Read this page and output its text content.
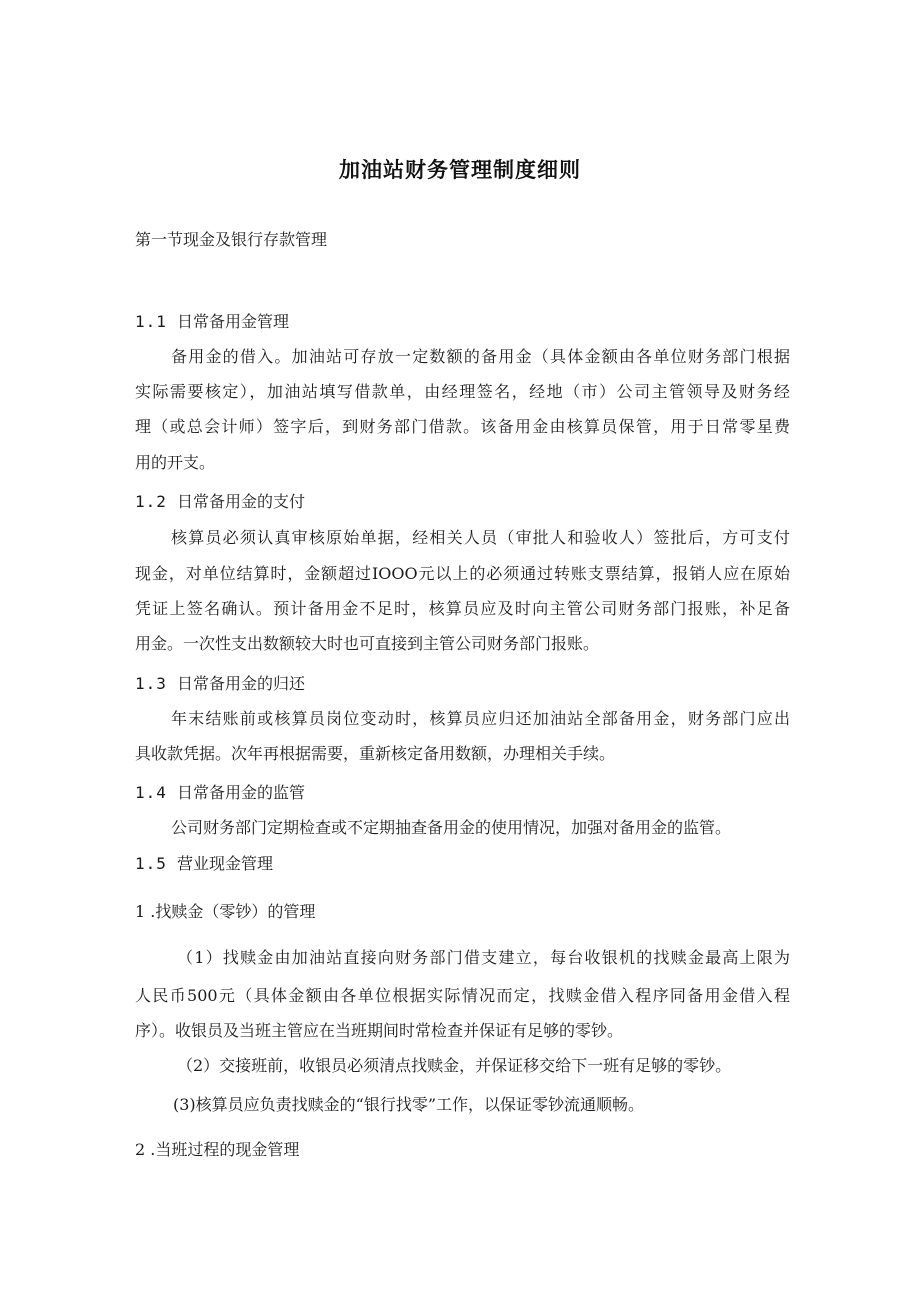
加油站财务管理制度细则

第一节现金及银行存款管理

1.1 日常备用金管理

备用金的借入。加油站可存放一定数额的备用金（具体金额由各单位财务部门根据

实际需要核定），加油站填写借款单，由经理签名，经地（市）公司主管领导及财务经

理（或总会计师）签字后，到财务部门借款。该备用金由核算员保管，用于日常零星费

用的开支。

1.2 日常备用金的支付

核算员必须认真审核原始单据，经相关人员（审批人和验收人）签批后，方可支付

现金，对单位结算时，金额超过IOOO元以上的必须通过转账支票结算，报销人应在原始

凭证上签名确认。预计备用金不足时，核算员应及时向主管公司财务部门报账，补足备

用金。一次性支出数额较大时也可直接到主管公司财务部门报账。

1.3 日常备用金的归还

年末结账前或核算员岗位变动时，核算员应归还加油站全部备用金，财务部门应出

具收款凭据。次年再根据需要，重新核定备用数额，办理相关手续。

1.4 日常备用金的监管

公司财务部门定期检查或不定期抽查备用金的使用情况，加强对备用金的监管。

1.5 营业现金管理

1 .找赎金（零钞）的管理

（1）找赎金由加油站直接向财务部门借支建立，每台收银机的找赎金最高上限为

人民币500元（具体金额由各单位根据实际情况而定，找赎金借入程序同备用金借入程

序）。收银员及当班主管应在当班期间时常检查并保证有足够的零钞。

（2）交接班前，收银员必须清点找赎金，并保证移交给下一班有足够的零钞。

(3)核算员应负责找赎金的“银行找零”工作，以保证零钞流通顺畅。

2 .当班过程的现金管理
